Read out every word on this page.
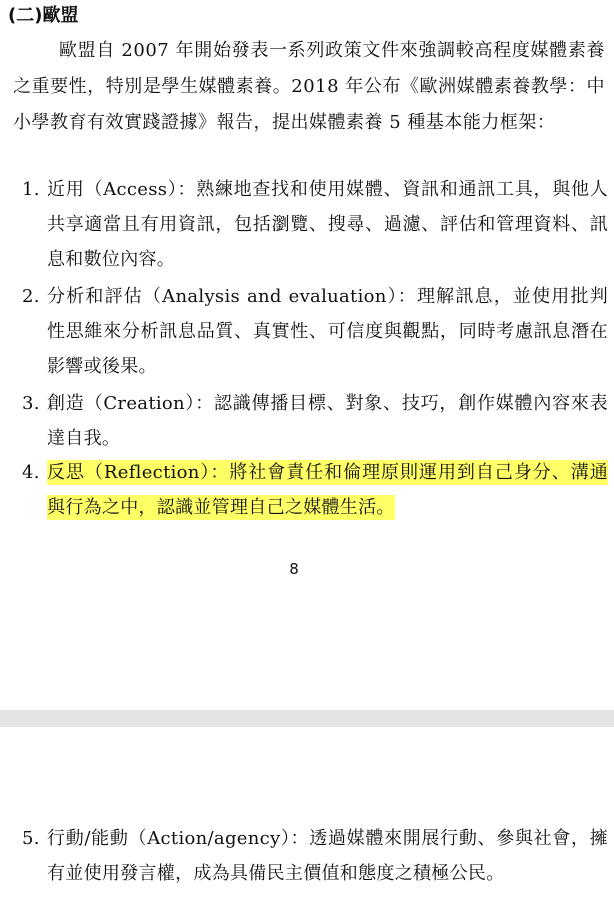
(二)歐盟
歐盟自 2007 年開始發表一系列政策文件來強調較高程度媒體素養之重要性，特別是學生媒體素養。2018 年公布《歐洲媒體素養教學：中小學教育有效實踐證據》報告，提出媒體素養 5 種基本能力框架：
1. 近用（Access）：熟練地查找和使用媒體、資訊和通訊工具，與他人共享適當且有用資訊，包括瀏覽、搜尋、過濾、評估和管理資料、訊息和數位內容。
2. 分析和評估（Analysis and evaluation）：理解訊息，並使用批判性思維來分析訊息品質、真實性、可信度與觀點，同時考慮訊息潛在影響或後果。
3. 創造（Creation）：認識傳播目標、對象、技巧，創作媒體內容來表達自我。
4. 反思（Reflection）：將社會責任和倫理原則運用到自己身分、溝通與行為之中，認識並管理自己之媒體生活。
8
5. 行動/能動（Action/agency）：透過媒體來開展行動、參與社會，擁有並使用發言權，成為具備民主價值和態度之積極公民。
